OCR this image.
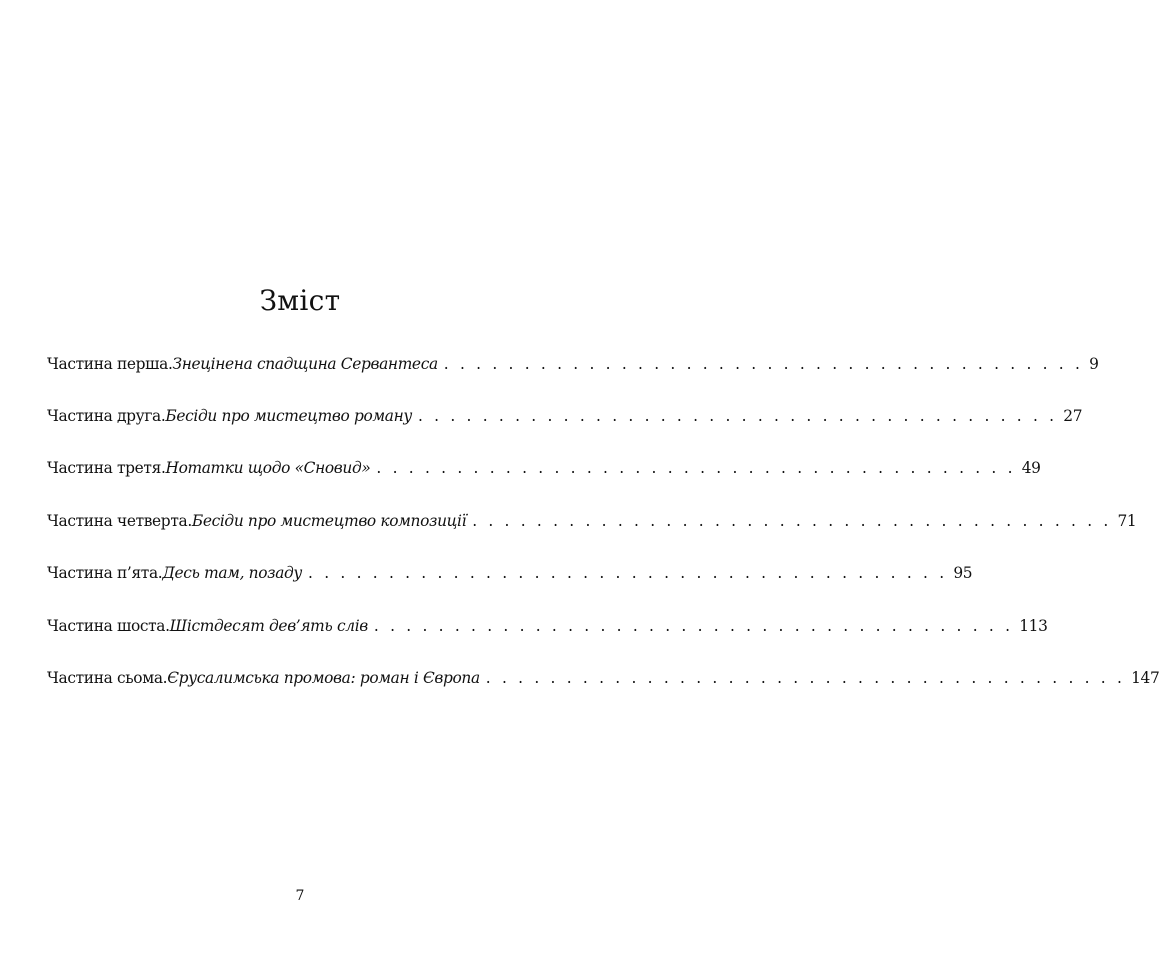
Зміст
Частина перша . Знецінена спадщина Сервантеса . . . . . . . . . . . . . . . . . . . . . . . . . . . . . . . . . . . . . . . . 9
Частина друга . Бесіди про мистецтво роману . . . . . . . . . . . . . . . . . . . . . . . . . . . . . . . . . . . . . . . . 27
Частина третя . Нотатки щодо «Сновид» . . . . . . . . . . . . . . . . . . . . . . . . . . . . . . . . . . . . . . . . 49
Частина четверта . Бесіди про мистецтво композиції . . . . . . . . . . . . . . . . . . . . . . . . . . . . . . . . . . . . . . . . 71
Частина п’ята . Десь там, позаду . . . . . . . . . . . . . . . . . . . . . . . . . . . . . . . . . . . . . . . . 95
Частина шоста . Шістдесят дев’ять слів . . . . . . . . . . . . . . . . . . . . . . . . . . . . . . . . . . . . . . . . 113
Частина сьома . Єрусалимська промова: роман і Європа . . . . . . . . . . . . . . . . . . . . . . . . . . . . . . . . . . . . . . . . 147
7
